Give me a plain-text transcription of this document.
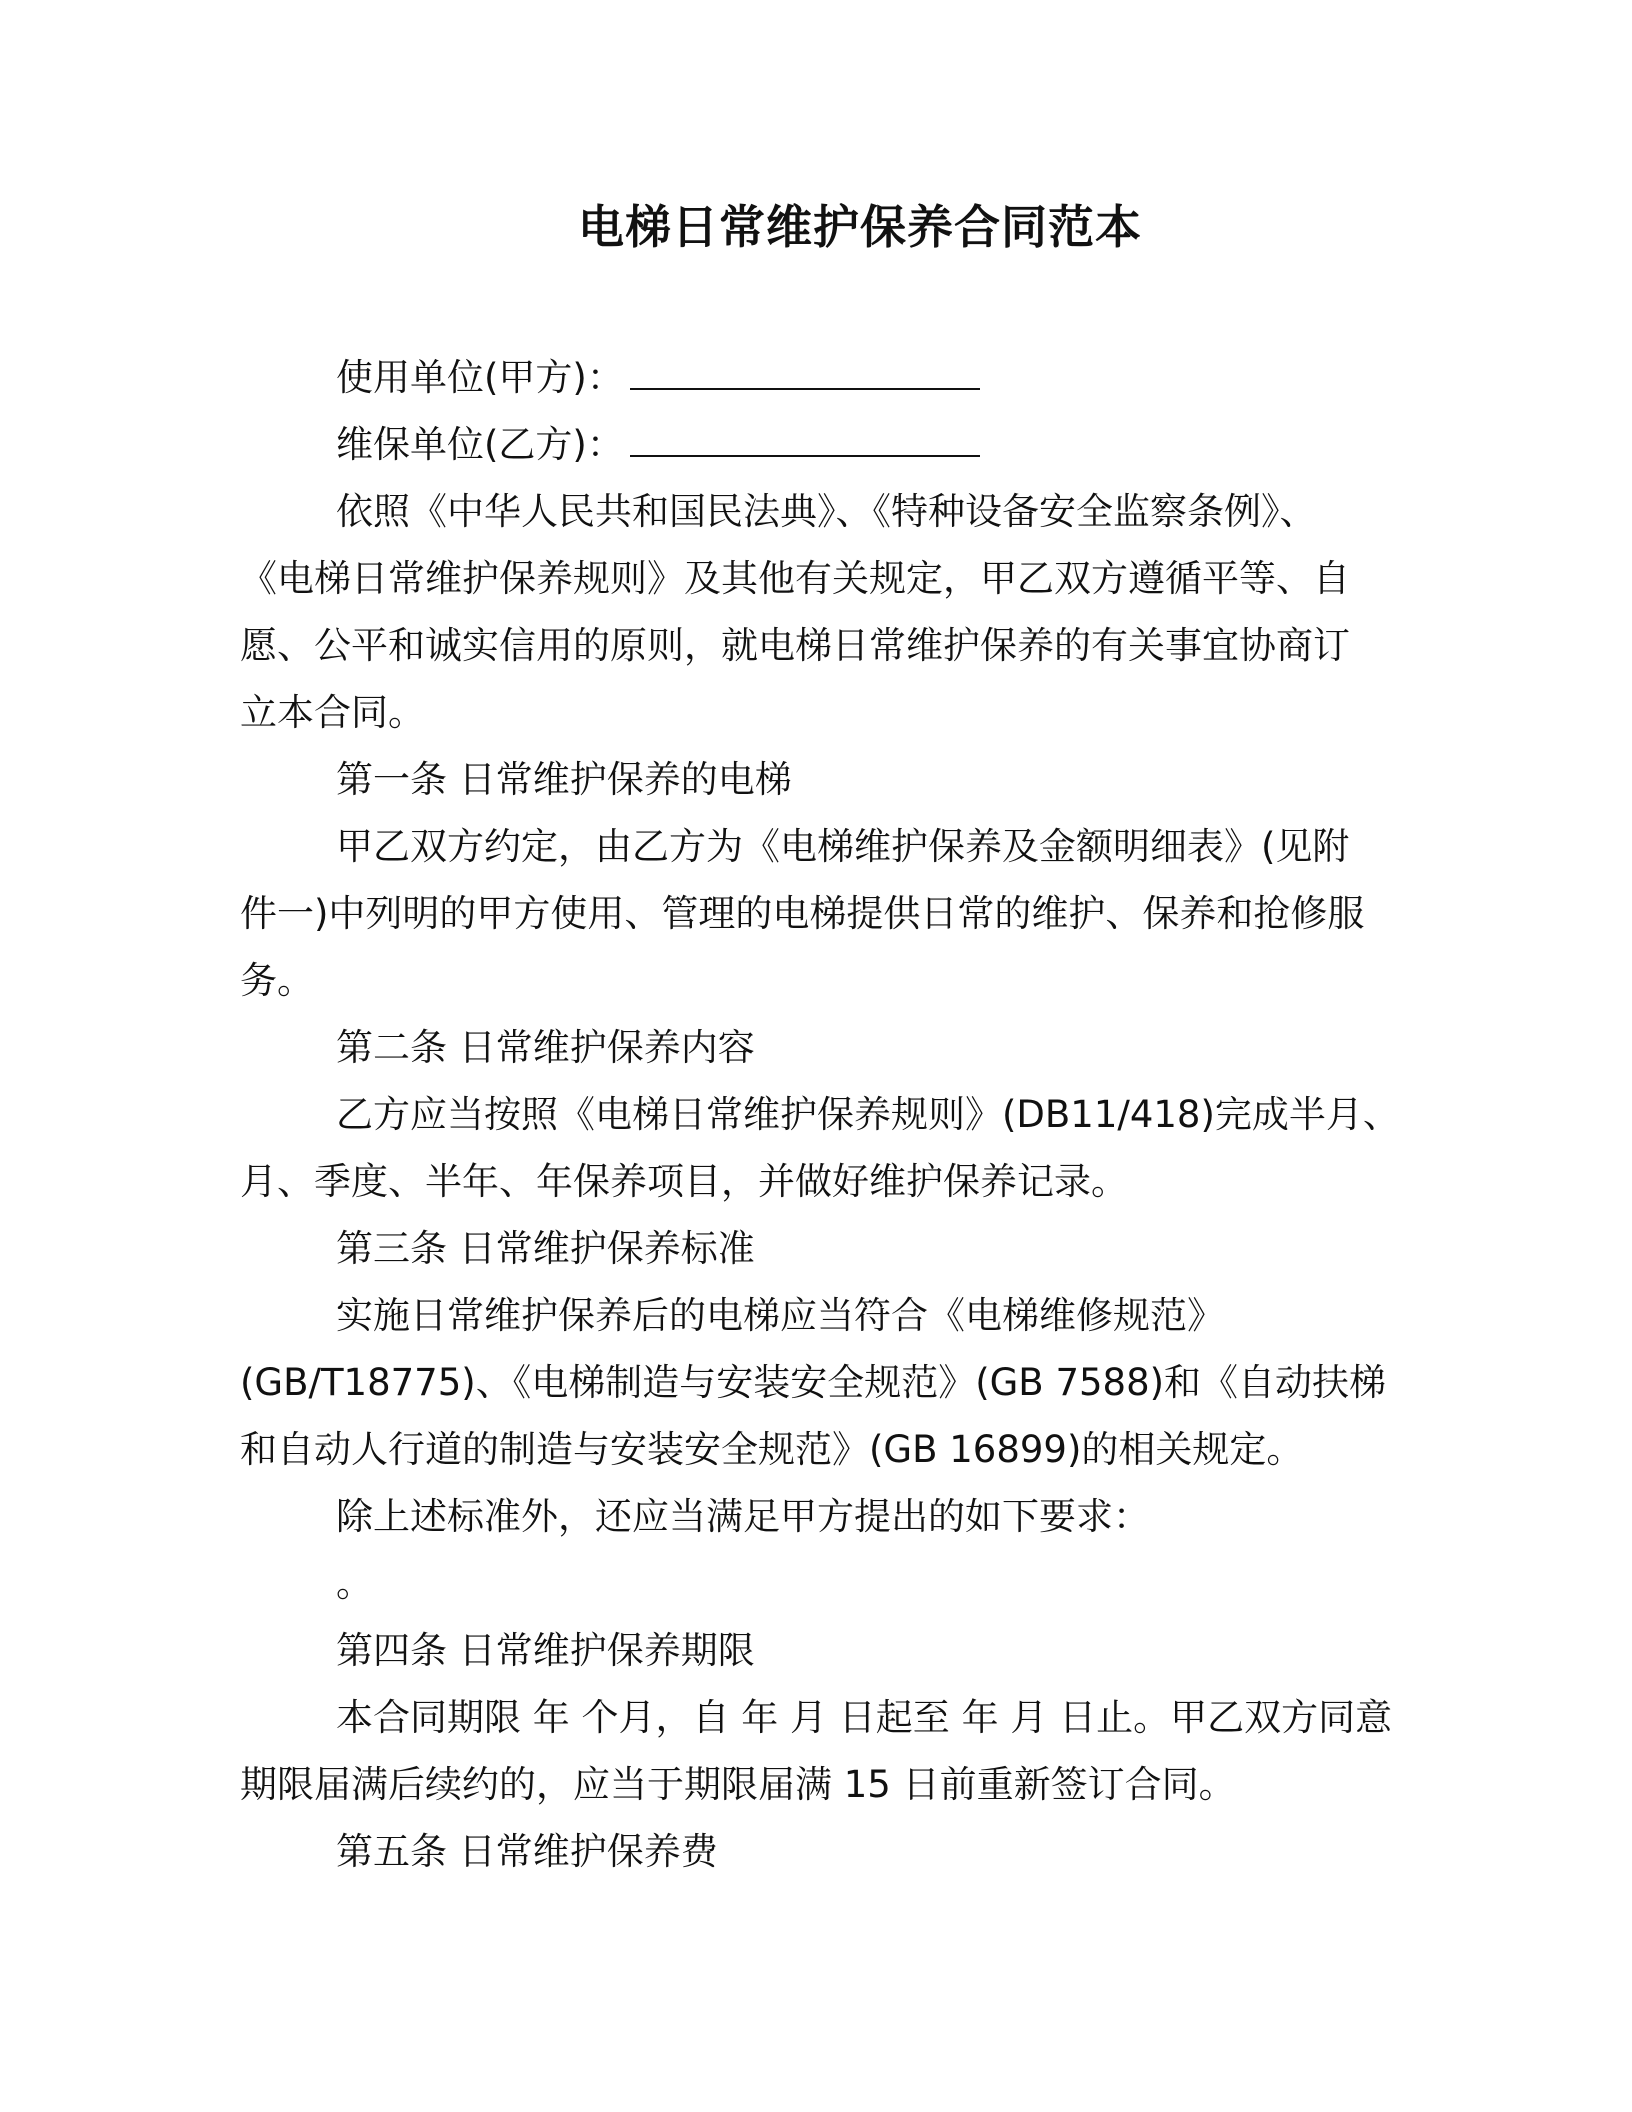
电梯日常维护保养合同范本
使用单位(甲方)：
维保单位(乙方)：
依照《中华人民共和国民法典》、《特种设备安全监察条例》、
《电梯日常维护保养规则》及其他有关规定，甲乙双方遵循平等、自
愿、公平和诚实信用的原则，就电梯日常维护保养的有关事宜协商订
立本合同。
第一条 日常维护保养的电梯
甲乙双方约定，由乙方为《电梯维护保养及金额明细表》(见附
件一)中列明的甲方使用、管理的电梯提供日常的维护、保养和抢修服
务。
第二条 日常维护保养内容
乙方应当按照《电梯日常维护保养规则》(DB11/418)完成半月、
月、季度、半年、年保养项目，并做好维护保养记录。
第三条 日常维护保养标准
实施日常维护保养后的电梯应当符合《电梯维修规范》
(GB/T18775)、《电梯制造与安装安全规范》(GB 7588)和《自动扶梯
和自动人行道的制造与安装安全规范》(GB 16899)的相关规定。
除上述标准外，还应当满足甲方提出的如下要求：
。
第四条 日常维护保养期限
本合同期限 年 个月，自 年 月 日起至 年 月 日止。甲乙双方同意
期限届满后续约的，应当于期限届满 15 日前重新签订合同。
第五条 日常维护保养费
